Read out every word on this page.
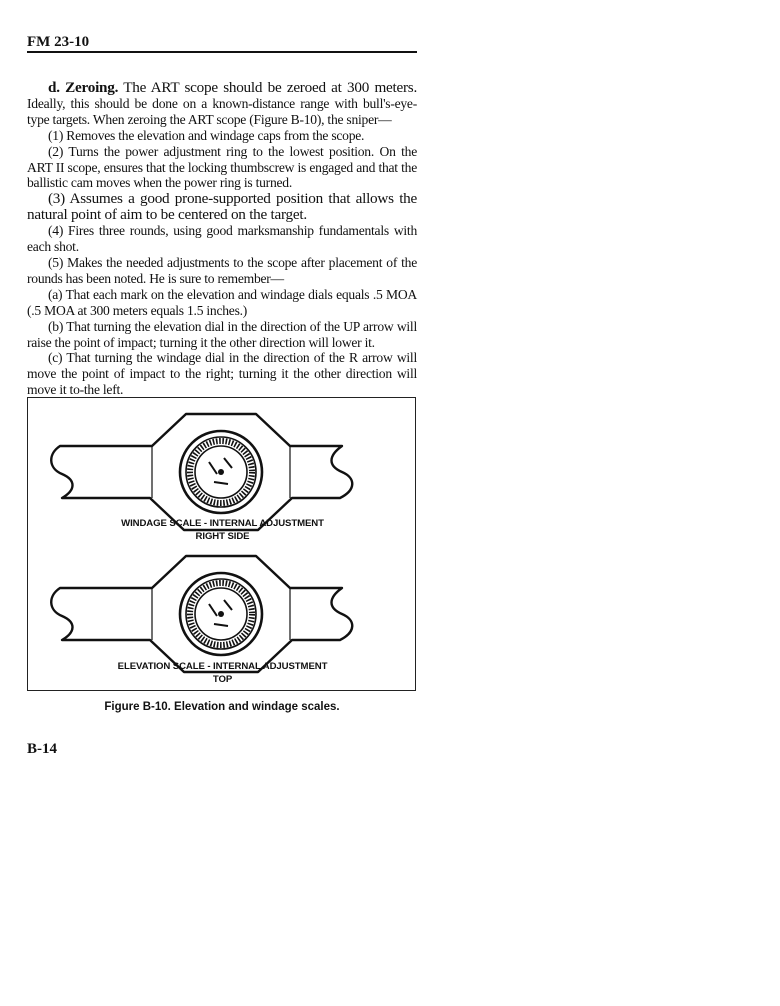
FM 23-10

d. Zeroing. The ART scope should be zeroed at 300 meters. Ideally, this should be done on a known-distance range with bull's-eye-type targets. When zeroing the ART scope (Figure B-10), the sniper—

(1) Removes the elevation and windage caps from the scope.

(2) Turns the power adjustment ring to the lowest position. On the ART II scope, ensures that the locking thumbscrew is engaged and that the ballistic cam moves when the power ring is turned.

(3) Assumes a good prone-supported position that allows the natural point of aim to be centered on the target.

(4) Fires three rounds, using good marksmanship fundamentals with each shot.

(5) Makes the needed adjustments to the scope after placement of the rounds has been noted. He is sure to remember—

(a) That each mark on the elevation and windage dials equals .5 MOA (.5 MOA at 300 meters equals 1.5 inches.)

(b) That turning the elevation dial in the direction of the UP arrow will raise the point of impact; turning it the other direction will lower it.

(c) That turning the windage dial in the direction of the R arrow will move the point of impact to the right; turning it the other direction will move it to-the left.

WINDAGE SCALE - INTERNAL ADJUSTMENT
RIGHT SIDE
ELEVATION SCALE - INTERNAL ADJUSTMENT
TOP
Figure B-10. Elevation and windage scales.
B-14
